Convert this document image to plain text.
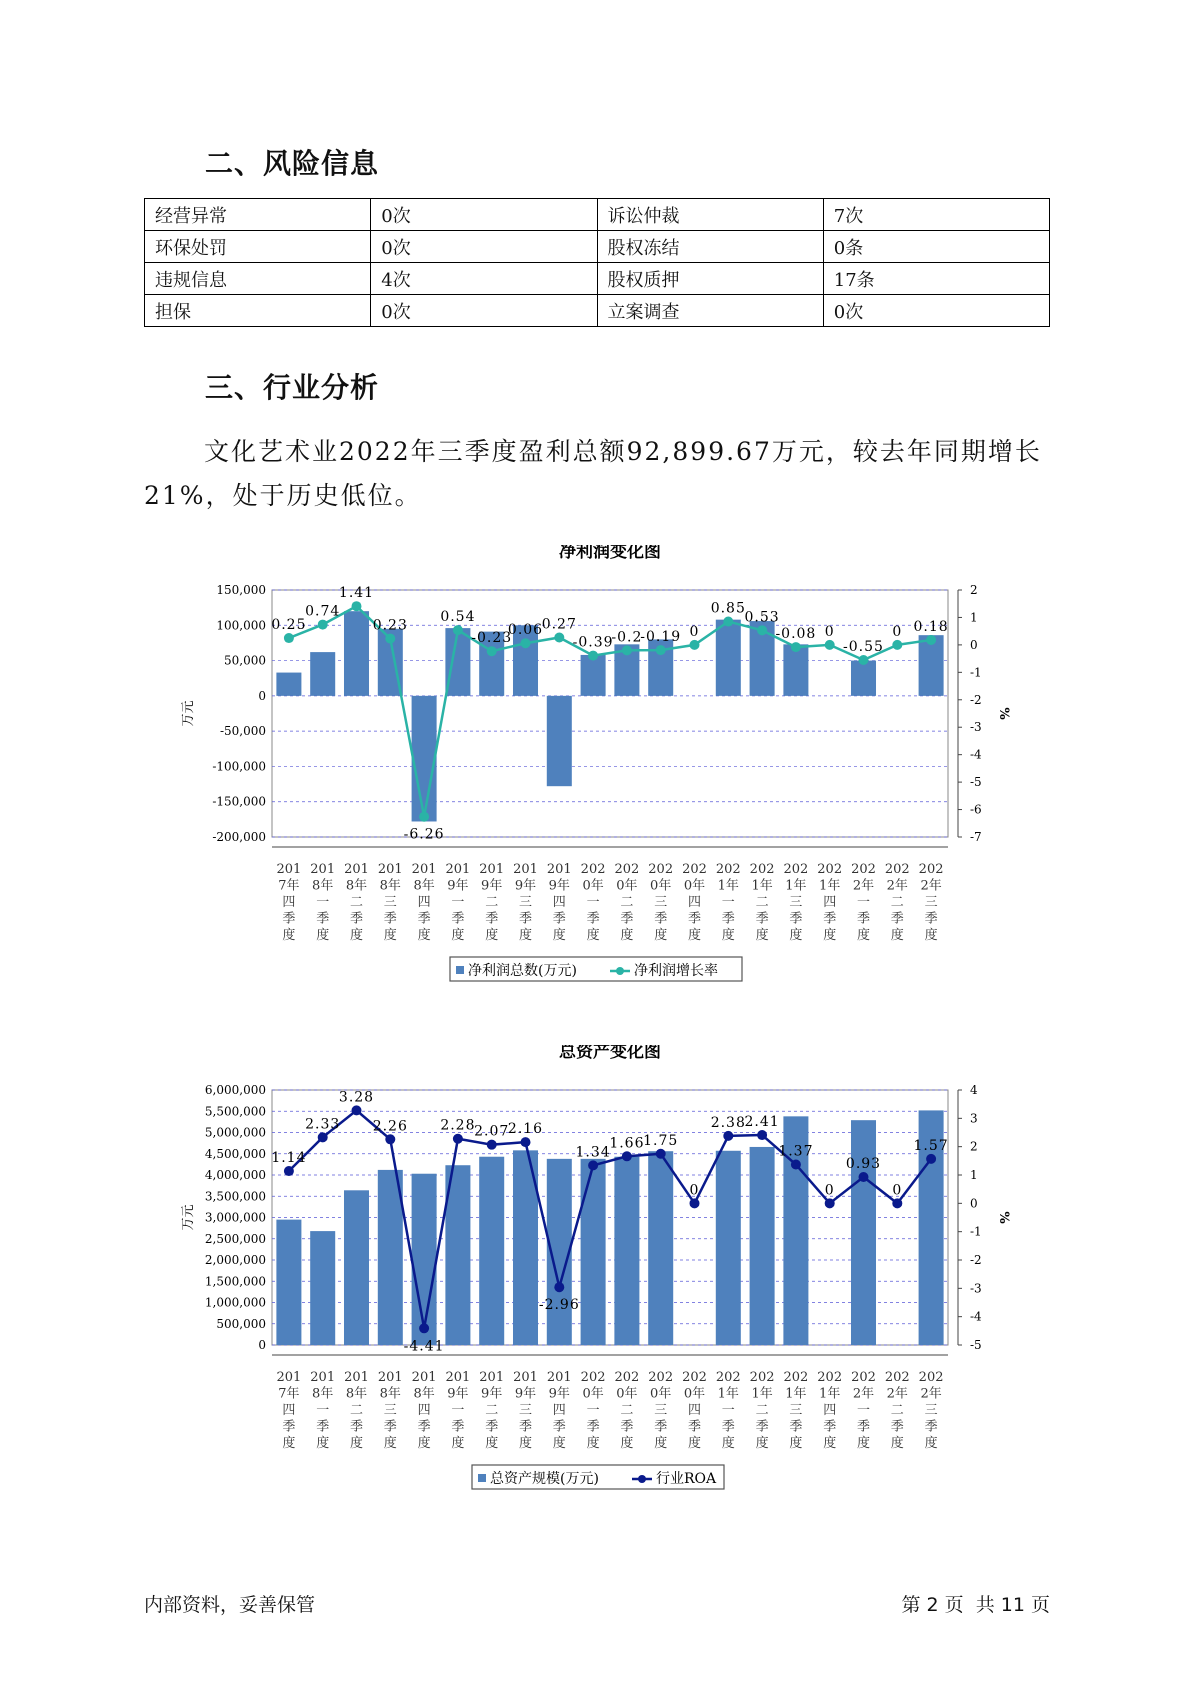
二、风险信息
经营异常	0次	诉讼仲裁	7次
环保处罚	0次	股权冻结	0条
违规信息	4次	股权质押	17条
担保	0次	立案调查	0次
三、行业分析
文化艺术业2022年三季度盈利总额92,899.67万元，较去年同期增长21%，处于历史低位。
净利润变化图
150,000
100,000
50,000
0
-50,000
-100,000
-150,000
-200,000
2
1
0
-1
-2
-3
-4
-5
-6
-7
万元	%
0.25
0.74
1.41
0.23
-6.26
0.54
-0.23
0.06
0.27
-0.39
-0.2
-0.19 0
0.85
0.53
-0.08 0
-0.55
0 0.18
201
7年
四
季
度
201
8年
一
季
度
201
8年
二
季
度
201
8年
三
季
度
201
8年
四
季
度
201
9年
一
季
度
201
9年
二
季
度
201
9年
三
季
度
201
9年
四
季
度
202
0年
一
季
度
202
0年
二
季
度
202
0年
三
季
度
202
0年
四
季
度
202
1年
一
季
度
202
1年
二
季
度
202
1年
三
季
度
202
1年
四
季
度
202
2年
一
季
度
202
2年
二
季
度
202
2年
三
季
度
净利润总数(万元)	净利润增长率
总资产变化图
6,000,000
5,500,000
5,000,000
4,500,000
4,000,000
3,500,000
3,000,000
2,500,000
2,000,000
1,500,000
1,000,000
500,000
0
4
3
2
1
0
-1
-2
-3
-4
-5
万元	%
1.14
2.33
3.28
2.26
-4.41
2.28
2.07
2.16
-2.96
1.34
1.66
1.75
0
2.38
2.41
1.37
0
0.93
0
1.57
201
7年
四
季
度
201
8年
一
季
度
201
8年
二
季
度
201
8年
三
季
度
201
8年
四
季
度
201
9年
一
季
度
201
9年
二
季
度
201
9年
三
季
度
201
9年
四
季
度
202
0年
一
季
度
202
0年
二
季
度
202
0年
三
季
度
202
0年
四
季
度
202
1年
一
季
度
202
1年
二
季
度
202
1年
三
季
度
202
1年
四
季
度
202
2年
一
季
度
202
2年
二
季
度
202
2年
三
季
度
总资产规模(万元)	行业ROA
内部资料，妥善保管	第 2 页  共 11 页
